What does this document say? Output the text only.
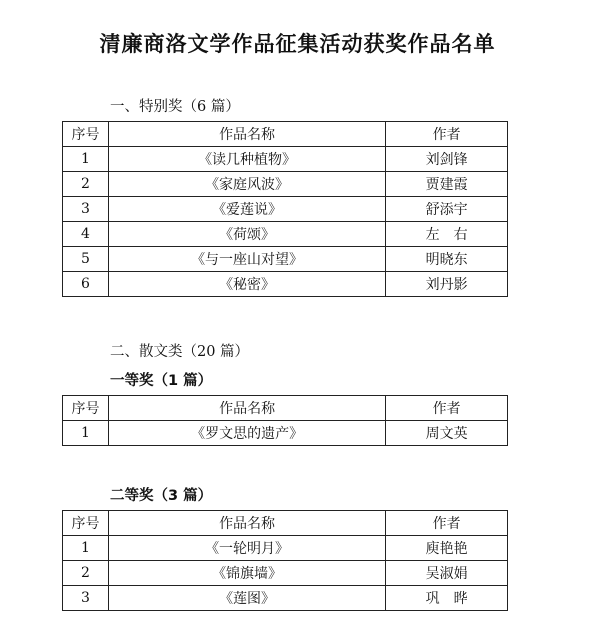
清廉商洛文学作品征集活动获奖作品名单
一、特别奖（6 篇）
序号	作品名称	作者
1	《读几种植物》	刘剑锋
2	《家庭风波》	贾建霞
3	《爱莲说》	舒添宇
4	《荷颂》	左　右
5	《与一座山对望》	明晓东
6	《秘密》	刘丹影
二、散文类（20 篇）
一等奖（1 篇）
序号	作品名称	作者
1	《罗文思的遗产》	周文英
二等奖（3 篇）
序号	作品名称	作者
1	《一轮明月》	庾艳艳
2	《锦旗墙》	吴淑娟
3	《莲图》	巩　晔
